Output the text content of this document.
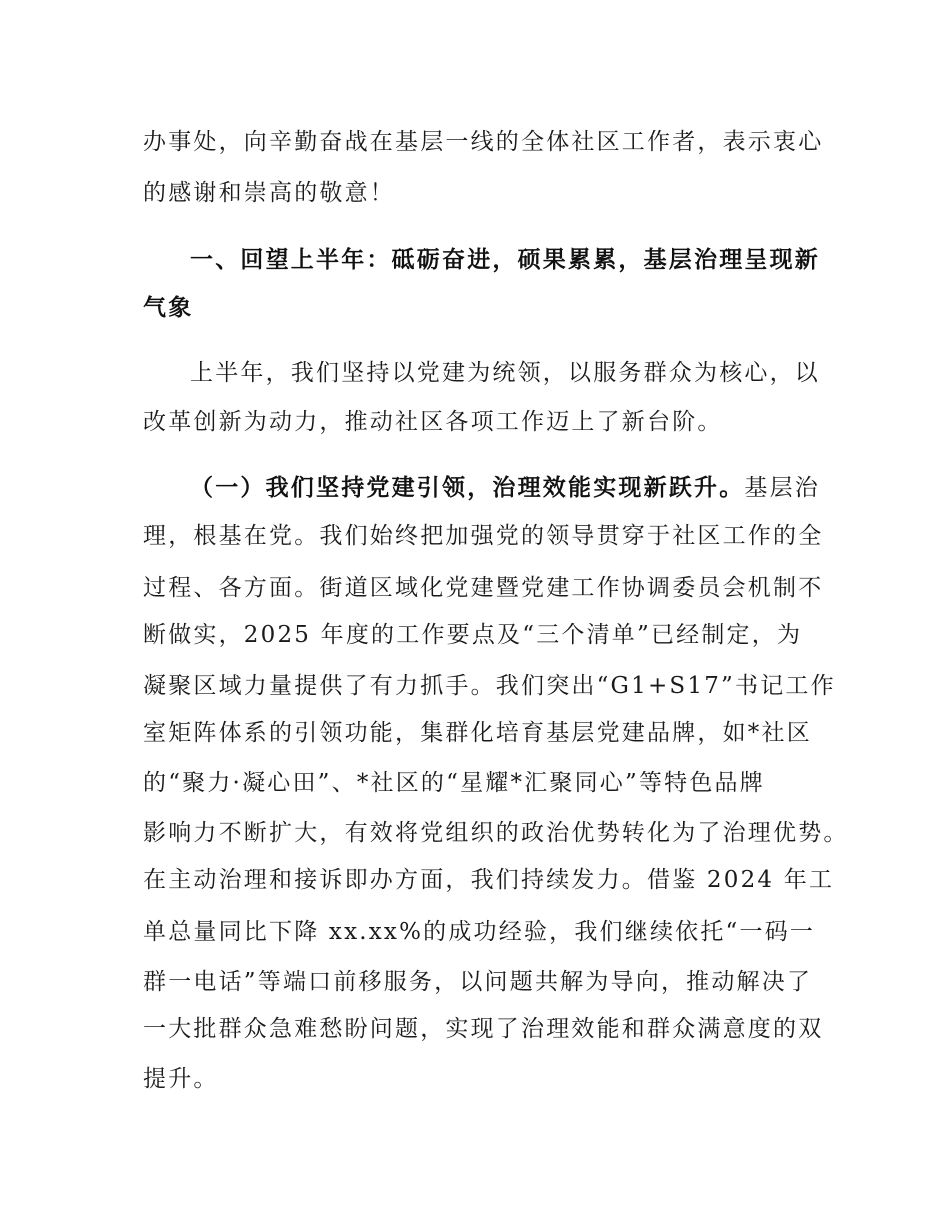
办事处，向辛勤奋战在基层一线的全体社区工作者，表示衷心
的感谢和崇高的敬意！
一、回望上半年：砥砺奋进，硕果累累，基层治理呈现新
气象
上半年，我们坚持以党建为统领，以服务群众为核心，以
改革创新为动力，推动社区各项工作迈上了新台阶。
（一）我们坚持党建引领，治理效能实现新跃升。基层治
理，根基在党。我们始终把加强党的领导贯穿于社区工作的全
过程、各方面。街道区域化党建暨党建工作协调委员会机制不
断做实，2025 年度的工作要点及“三个清单”已经制定，为
凝聚区域力量提供了有力抓手。我们突出“G1+S17”书记工作
室矩阵体系的引领功能，集群化培育基层党建品牌，如*社区
的“聚力·凝心田”、*社区的“星耀*汇聚同心”等特色品牌
影响力不断扩大，有效将党组织的政治优势转化为了治理优势。
在主动治理和接诉即办方面，我们持续发力。借鉴 2024 年工
单总量同比下降 xx.xx%的成功经验，我们继续依托“一码一
群一电话”等端口前移服务，以问题共解为导向，推动解决了
一大批群众急难愁盼问题，实现了治理效能和群众满意度的双
提升。
